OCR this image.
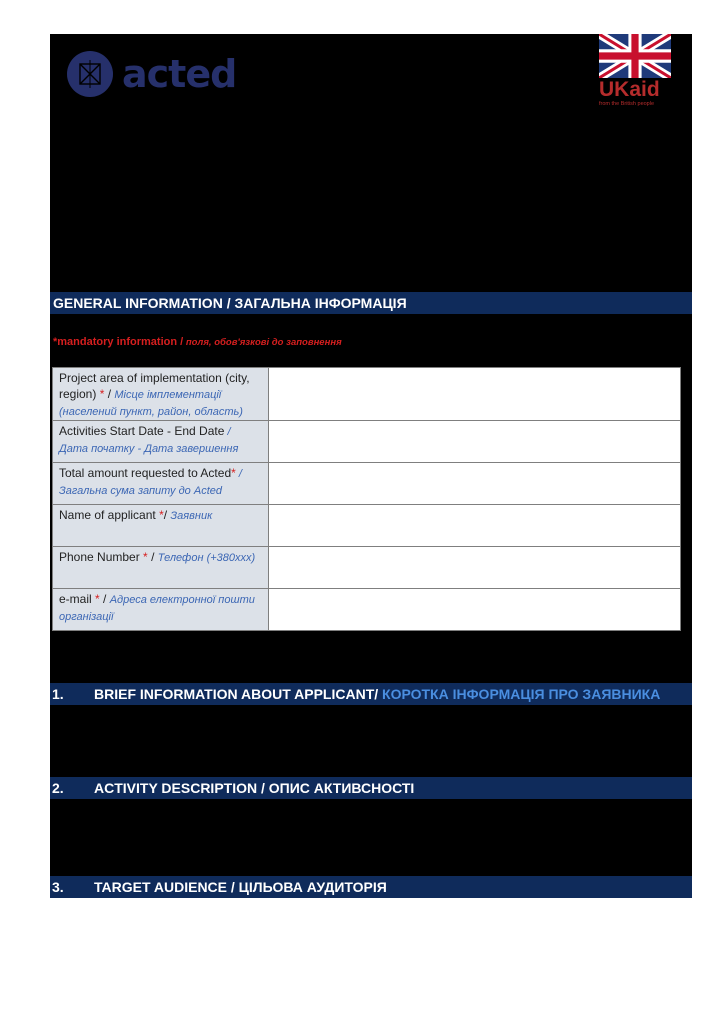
acted	UKaid
from the British people
GENERAL INFORMATION / ЗАГАЛЬНА ІНФОРМАЦІЯ
*mandatory information / поля, обов'язкові до заповнення
Project area of implementation (city, region) * / Місце імплементації (населений пункт, район, область)
Activities Start Date - End Date / Дата початку - Дата завершення
Total amount requested to Acted* / Загальна сума запиту до Acted
Name of applicant */ Заявник
Phone Number * / Телефон (+380ххх)
e-mail * / Адреса електронної пошти організації
1. BRIEF INFORMATION ABOUT APPLICANT/ КОРОТКА ІНФОРМАЦІЯ ПРО ЗАЯВНИКА
2. ACTIVITY DESCRIPTION / ОПИС АКТИВСНОСТІ
3. TARGET AUDIENCE / ЦІЛЬОВА АУДИТОРІЯ
